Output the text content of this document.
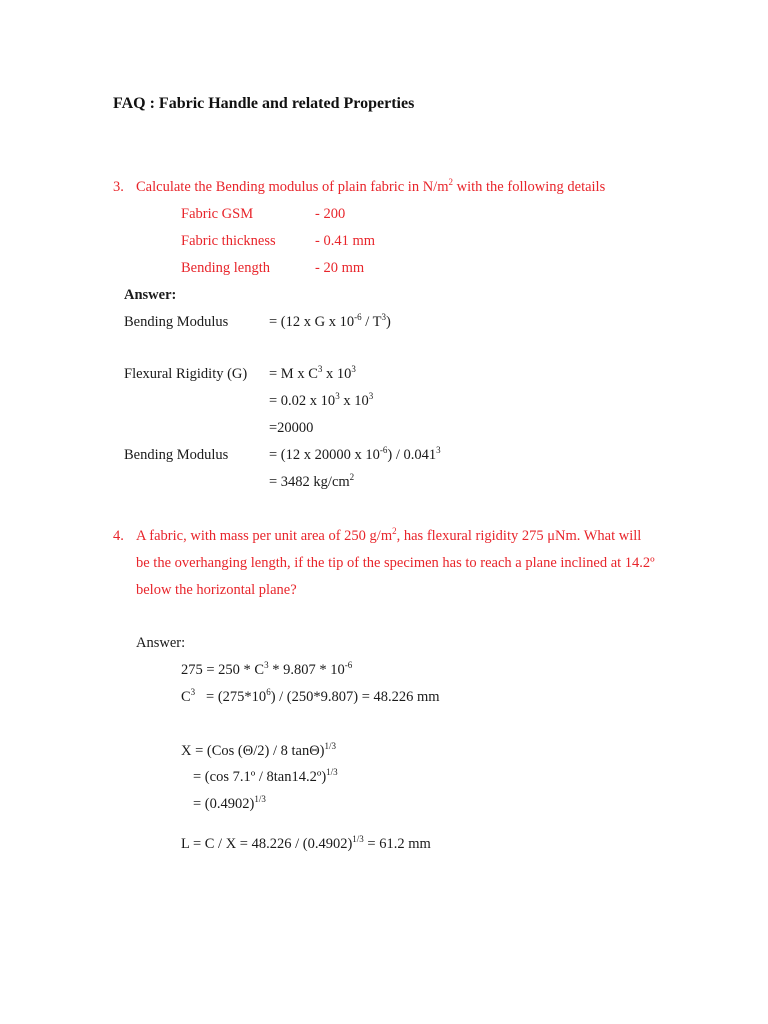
FAQ : Fabric Handle and related Properties
3. Calculate the Bending modulus of plain fabric in $N/m^2$ with the following details
Fabric GSM	- 200
Fabric thickness	- 0.41 mm
Bending length	- 20 mm
Answer:
Bending Modulus	= (12 x G x $10^{-6} / T^3$)
Flexural Rigidity (G) = M x $C^3$ x $10^3$
= 0.02 x $10^3$ x $10^3$
=20000
Bending Modulus	= (12 x 20000 x $10^{-6}) / 0.041^3$
= 3482 $kg/cm^2$
4. A fabric, with mass per unit area of 250 $g/m^2$, has flexural rigidity 275 μNm. What will
be the overhanging length, if the tip of the specimen has to reach a plane inclined at 14.2º
below the horizontal plane?
Answer:
$275 = 250 * C^3 * 9.807 * 10^{-6}$
$C^3 = (275*10^6) / (250*9.807) = 48.226$ mm
X = (Cos (Θ/2) / 8 tanΘ)$^{1/3}$
= (cos 7.1º / 8tan14.2º)$^{1/3}$
= $(0.4902)^{1/3}$
$L = C / X = 48.226 / (0.4902)^{1/3} = 61.2$ mm
